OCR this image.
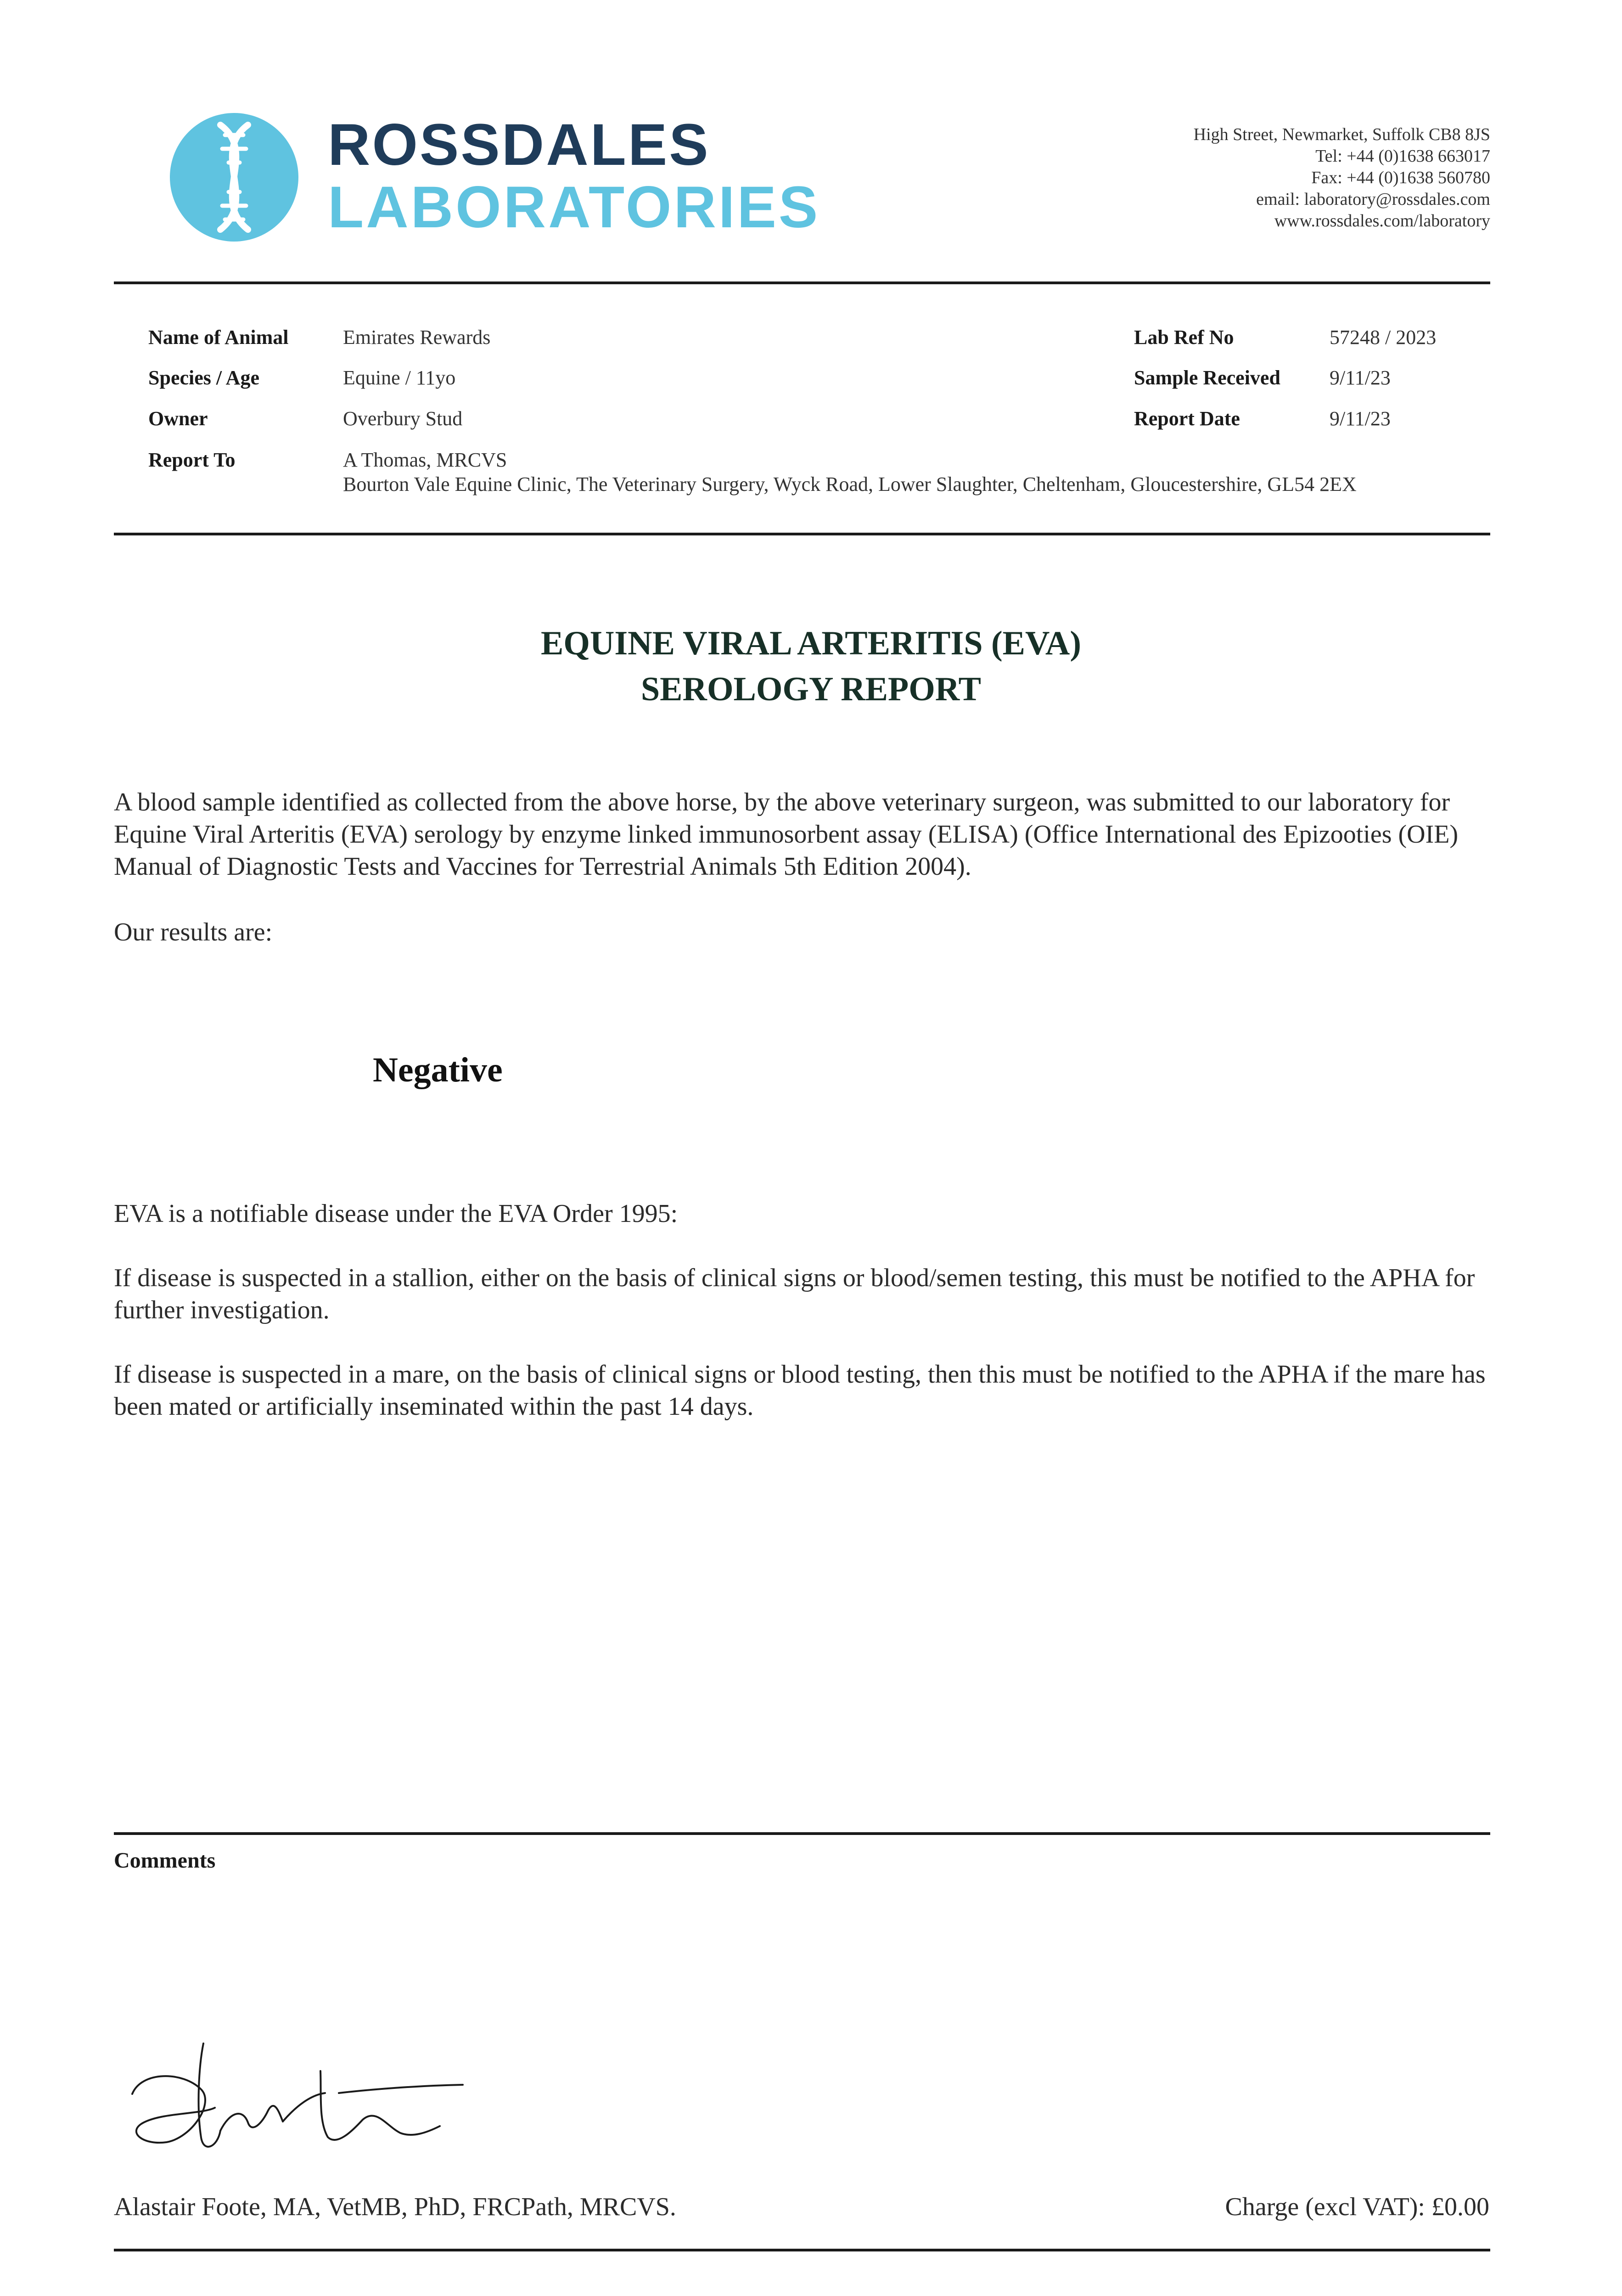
ROSSDALES
LABORATORIES
High Street, Newmarket, Suffolk CB8 8JS
Tel: +44 (0)1638 663017
Fax: +44 (0)1638 560780
email: laboratory@rossdales.com
www.rossdales.com/laboratory
Name of Animal	Emirates Rewards
Species / Age	Equine / 11yo
Owner	Overbury Stud
Report To	A Thomas, MRCVS
Bourton Vale Equine Clinic, The Veterinary Surgery, Wyck Road, Lower Slaughter, Cheltenham, Gloucestershire, GL54 2EX
Lab Ref No	57248 / 2023
Sample Received 9/11/23
Report Date	9/11/23
EQUINE VIRAL ARTERITIS (EVA)
SEROLOGY REPORT

A blood sample identified as collected from the above horse, by the above veterinary surgeon, was submitted to our laboratory for Equine Viral Arteritis (EVA) serology by enzyme linked immunosorbent assay (ELISA) (Office International des Epizooties (OIE) Manual of Diagnostic Tests and Vaccines for Terrestrial Animals 5th Edition 2004).

Our results are:

Negative

EVA is a notifiable disease under the EVA Order 1995:

If disease is suspected in a stallion, either on the basis of clinical signs or blood/semen testing, this must be notified to the APHA for further investigation.

If disease is suspected in a mare, on the basis of clinical signs or blood testing, then this must be notified to the APHA if the mare has been mated or artificially inseminated within the past 14 days.

Comments
Alastair Foote, MA, VetMB, PhD, FRCPath, MRCVS.	Charge (excl VAT): £0.00
